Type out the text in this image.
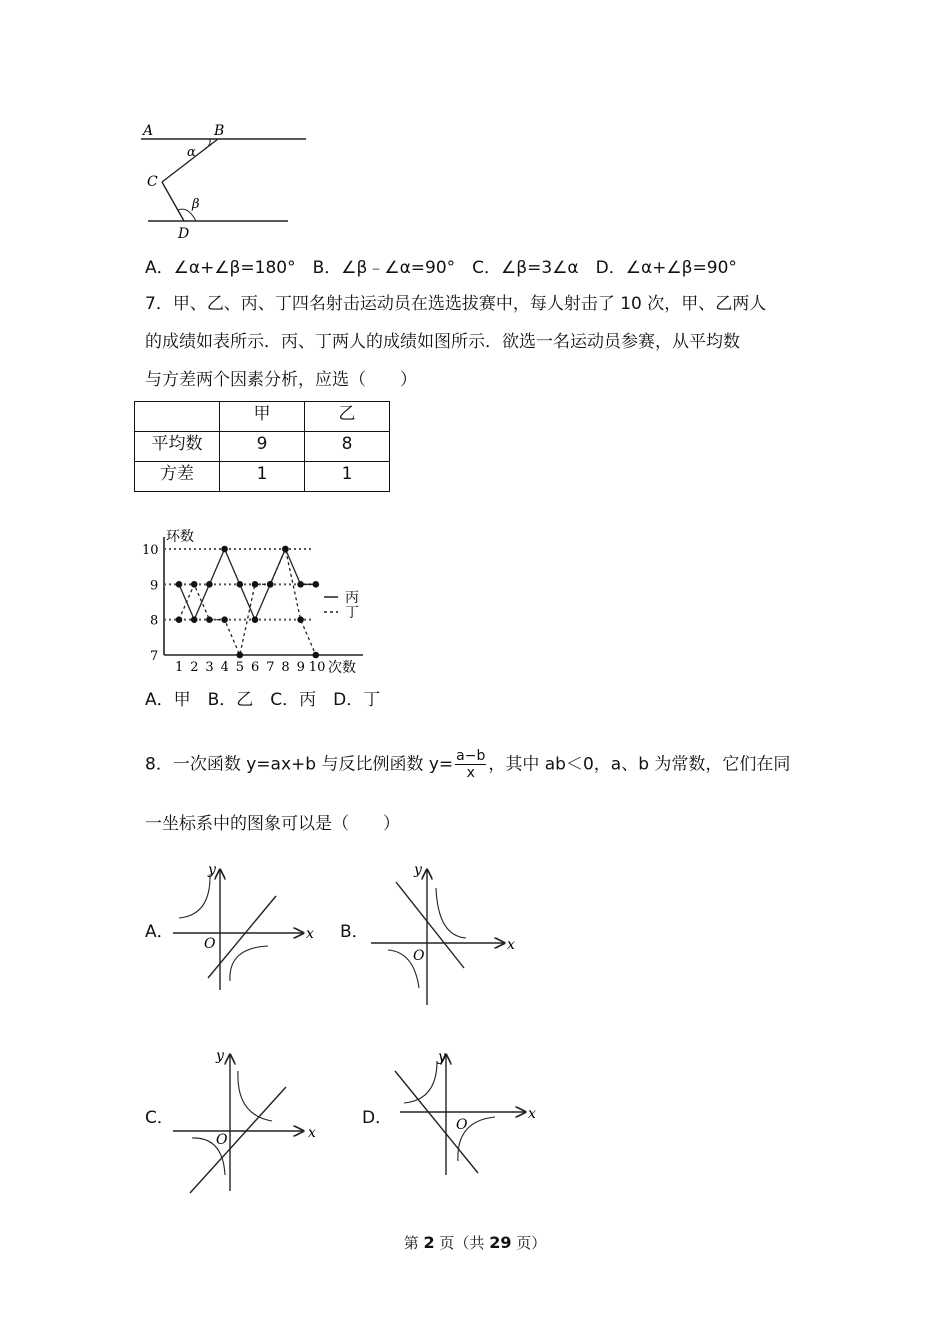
A	B
C
D
α
β
A．∠α+∠β=180°　B．∠β﹣∠α=90°　C．∠β=3∠α　D．∠α+∠β=90°
7．甲、乙、丙、丁四名射击运动员在选选拔赛中，每人射击了 10 次，甲、乙两人
的成绩如表所示．丙、丁两人的成绩如图所示．欲选一名运动员参赛，从平均数
与方差两个因素分析，应选（　　）
	甲	乙
平均数	9	8
方差	1	1
环数
次数
10
9
8
7
1 2 3 4 5 6 7 8 9 10
丙
丁
A．甲　B．乙　C．丙　D．丁
8．一次函数 y=ax+b 与反比例函数 $y= \frac{a-b}{x}$ ，其中 ab＜0，a、b 为常数，它们在同
一坐标系中的图象可以是（　　）
A．	x
y
O
B．
x
y
O
C．
x
y
O
D．	x
y
O
第 2 页（共 29 页）
